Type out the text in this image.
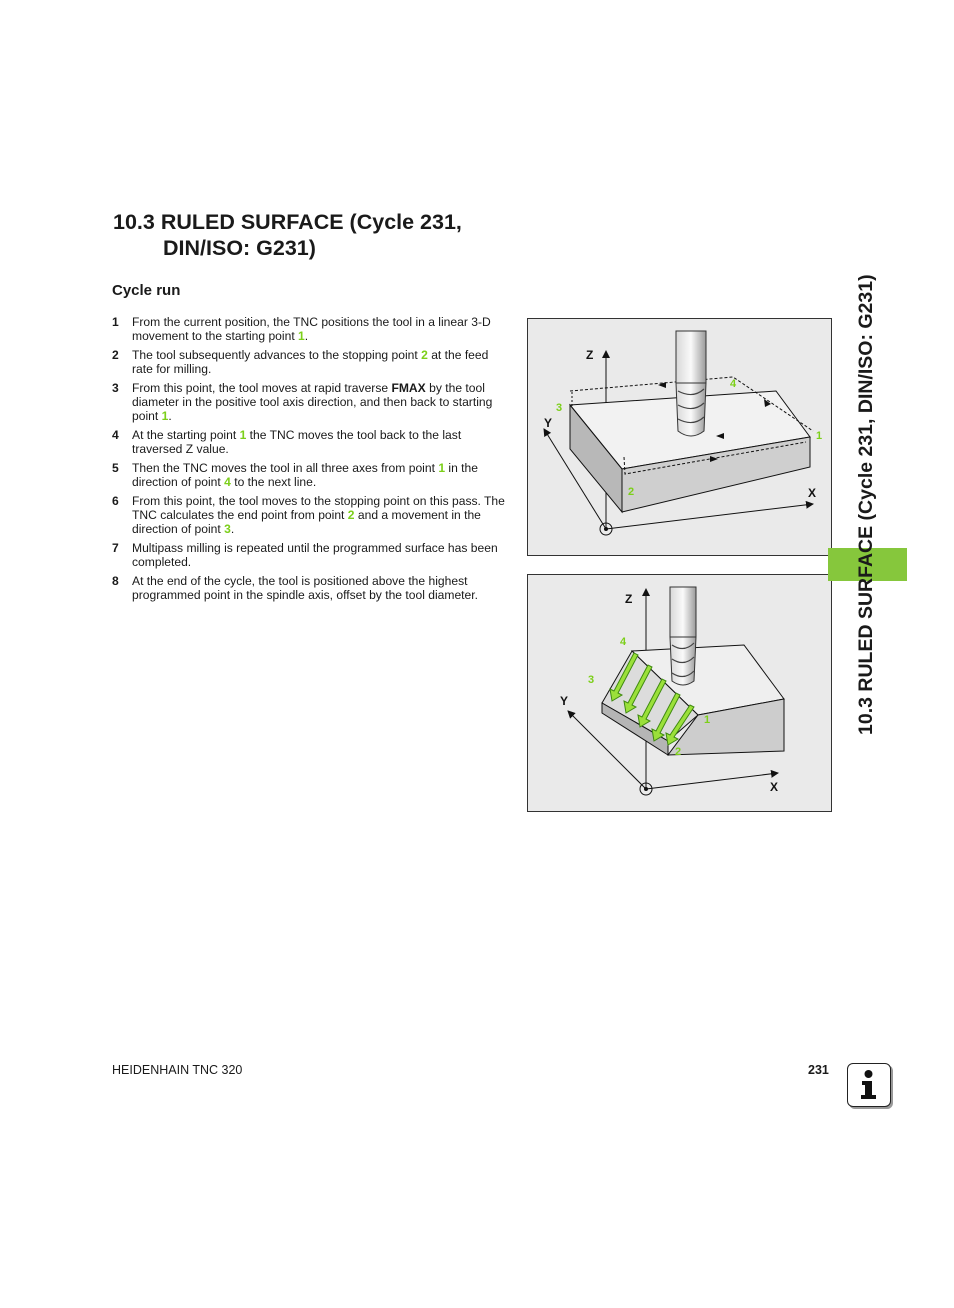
10.3 RULED SURFACE (Cycle 231,
DIN/ISO: G231)
Cycle run
1 From the current position, the TNC positions the tool in a linear 3-D movement to the starting point 1.
2 The tool subsequently advances to the stopping point 2 at the feed rate for milling.
3 From this point, the tool moves at rapid traverse FMAX by the tool diameter in the positive tool axis direction, and then back to starting point 1.
4 At the starting point 1 the TNC moves the tool back to the last traversed Z value.
5 Then the TNC moves the tool in all three axes from point 1 in the direction of point 4 to the next line.
6 From this point, the tool moves to the stopping point on this pass. The TNC calculates the end point from point 2 and a movement in the direction of point 3.
7 Multipass milling is repeated until the programmed surface has been completed.
8 At the end of the cycle, the tool is positioned above the highest programmed point in the spindle axis, offset by the tool diameter.
Z
Y
X
1
2
3
4
Z
Y
X
1
2
3
4	10.3 RULED SURFACE (Cycle 231, DIN/ISO: G231)
HEIDENHAIN TNC 320	231
